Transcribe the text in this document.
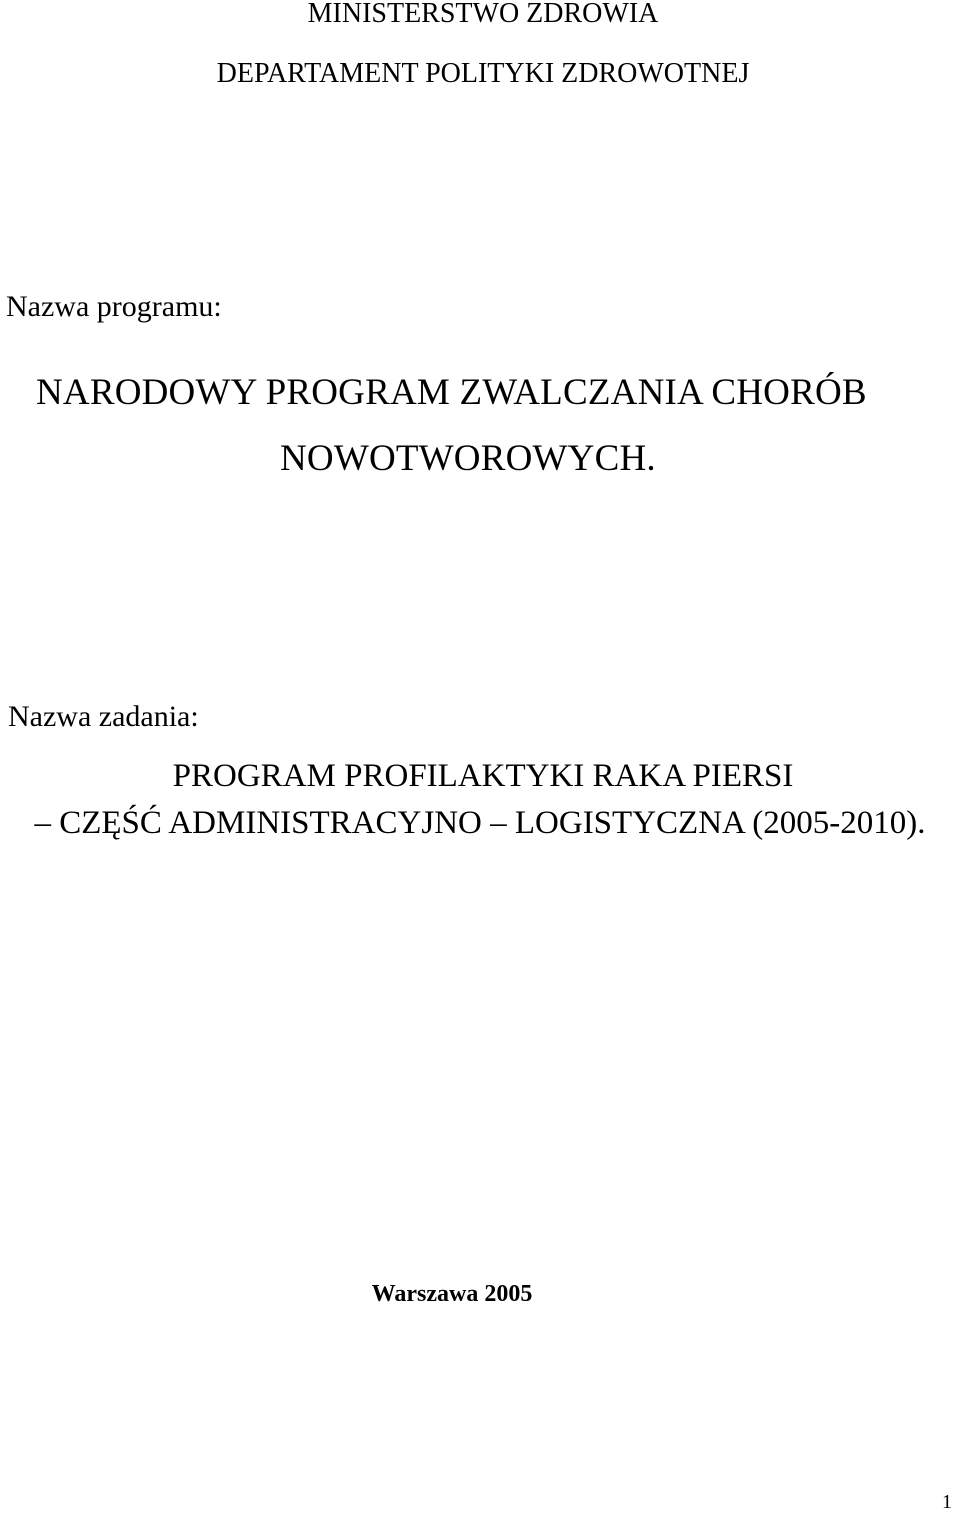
MINISTERSTWO ZDROWIA
DEPARTAMENT POLITYKI ZDROWOTNEJ
Nazwa programu:
NARODOWY PROGRAM ZWALCZANIA CHORÓB
NOWOTWOROWYCH.
Nazwa zadania:
PROGRAM PROFILAKTYKI RAKA PIERSI
– CZĘŚĆ ADMINISTRACYJNO – LOGISTYCZNA (2005-2010).
Warszawa 2005
1
